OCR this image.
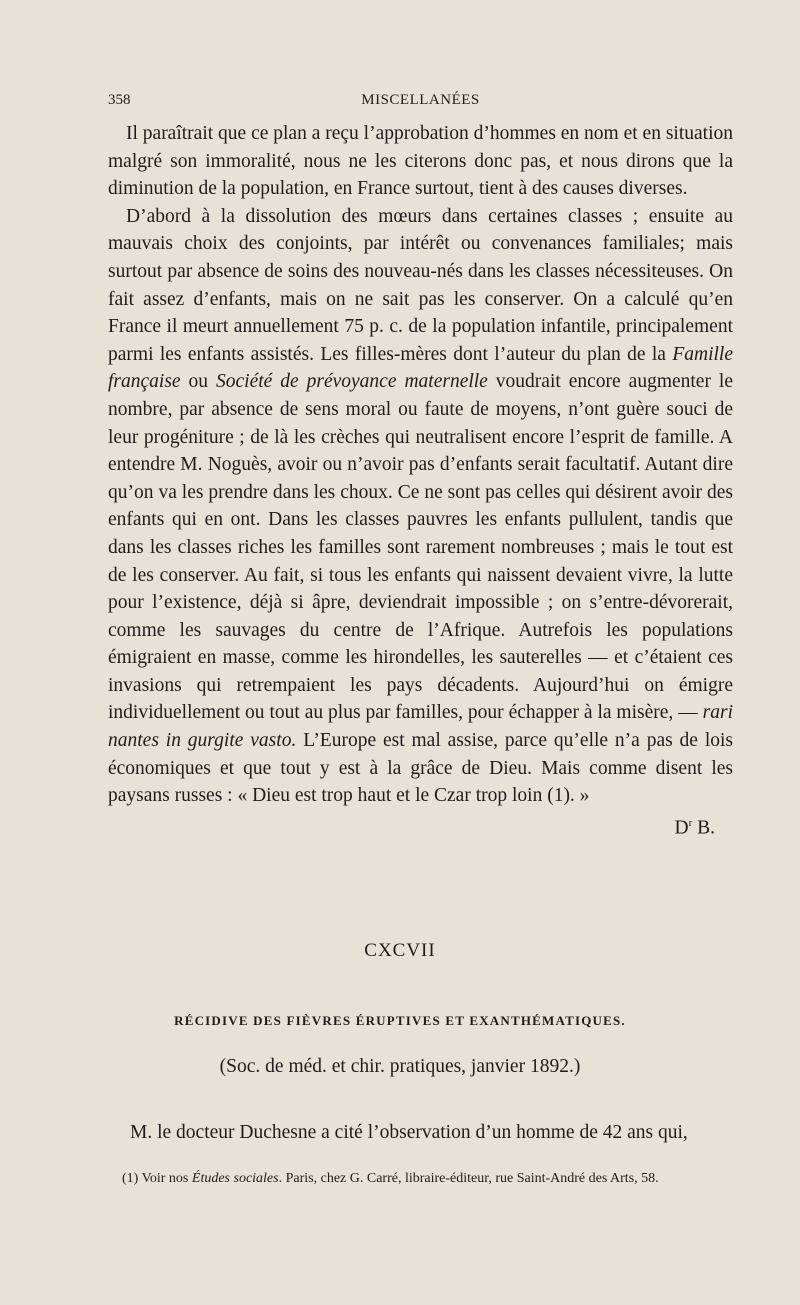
358	MISCELLANÉES

Il paraîtrait que ce plan a reçu l’approbation d’hommes en nom et en situation malgré son immoralité, nous ne les citerons donc pas, et nous dirons que la diminution de la population, en France surtout, tient à des causes diverses.

D’abord à la dissolution des mœurs dans certaines classes ; ensuite au mauvais choix des conjoints, par intérêt ou convenances familiales; mais surtout par absence de soins des nouveau-nés dans les classes nécessiteuses. On fait assez d’enfants, mais on ne sait pas les conserver. On a calculé qu’en France il meurt annuellement 75 p. c. de la population infantile, principalement parmi les enfants assistés. Les filles-mères dont l’auteur du plan de la Famille française ou Société de prévoyance maternelle voudrait encore augmenter le nombre, par absence de sens moral ou faute de moyens, n’ont guère souci de leur progéniture ; de là les crèches qui neutralisent encore l’esprit de famille. A entendre M. Noguès, avoir ou n’avoir pas d’enfants serait facultatif. Autant dire qu’on va les prendre dans les choux. Ce ne sont pas celles qui désirent avoir des enfants qui en ont. Dans les classes pauvres les enfants pullulent, tandis que dans les classes riches les familles sont rarement nombreuses ; mais le tout est de les conserver. Au fait, si tous les enfants qui naissent devaient vivre, la lutte pour l’existence, déjà si âpre, deviendrait impossible ; on s’entre-dévorerait, comme les sauvages du centre de l’Afrique. Autrefois les populations émigraient en masse, comme les hirondelles, les sauterelles — et c’étaient ces invasions qui retrempaient les pays décadents. Aujourd’hui on émigre individuellement ou tout au plus par familles, pour échapper à la misère, — rari nantes in gurgite vasto. L’Europe est mal assise, parce qu’elle n’a pas de lois économiques et que tout y est à la grâce de Dieu. Mais comme disent les paysans russes : « Dieu est trop haut et le Czar trop loin (1). »

$D^r$ B.
CXCVII
RÉCIDIVE DES FIÈVRES ÉRUPTIVES ET EXANTHÉMATIQUES.
(Soc. de méd. et chir. pratiques, janvier 1892.)
M. le docteur Duchesne a cité l’observation d’un homme de 42 ans qui,
(1) Voir nos Études sociales. Paris, chez G. Carré, libraire-éditeur, rue Saint-André des Arts, 58.
